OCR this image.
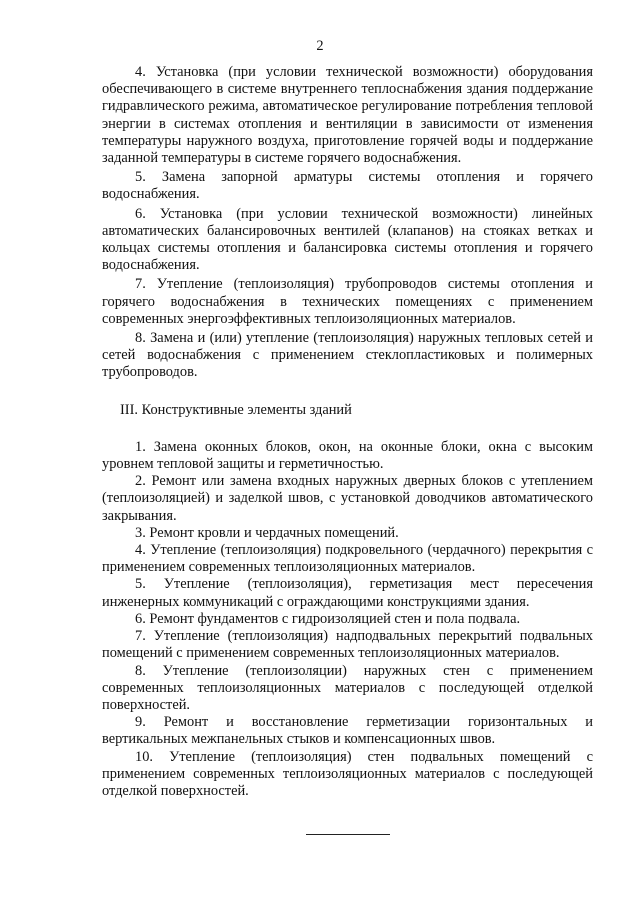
2

4. Установка (при условии технической возможности) оборудования обеспечивающего в системе внутреннего теплоснабжения здания поддержание гидравлического режима, автоматическое регулирование потребления тепловой энергии в системах отопления и вентиляции в зависимости от изменения температуры наружного воздуха, приготовление горячей воды и поддержание заданной температуры в системе горячего водоснабжения.

5. Замена запорной арматуры системы отопления и горячего водоснабжения.

6. Установка (при условии технической возможности) линейных автоматических балансировочных вентилей (клапанов) на стояках ветках и кольцах системы отопления и балансировка системы отопления и горячего водоснабжения.

7. Утепление (теплоизоляция) трубопроводов системы отопления и горячего водоснабжения в технических помещениях с применением современных энергоэффективных теплоизоляционных материалов.

8. Замена и (или) утепление (теплоизоляция) наружных тепловых сетей и сетей водоснабжения с применением стеклопластиковых и полимерных трубопроводов.

III. Конструктивные элементы зданий

1. Замена оконных блоков, окон, на оконные блоки, окна с высоким уровнем тепловой защиты и герметичностью.

2. Ремонт или замена входных наружных дверных блоков с утеплением (теплоизоляцией) и заделкой швов, с установкой доводчиков автоматического закрывания.

3. Ремонт кровли и чердачных помещений.

4. Утепление (теплоизоляция) подкровельного (чердачного) перекрытия с применением современных теплоизоляционных материалов.

5. Утепление (теплоизоляция), герметизация мест пересечения инженерных коммуникаций с ограждающими конструкциями здания.

6. Ремонт фундаментов с гидроизоляцией стен и пола подвала.

7. Утепление (теплоизоляция) надподвальных перекрытий подвальных помещений с применением современных теплоизоляционных материалов.

8. Утепление (теплоизоляции) наружных стен с применением современных теплоизоляционных материалов с последующей отделкой поверхностей.

9. Ремонт и восстановление герметизации горизонтальных и вертикальных межпанельных стыков и компенсационных швов.

10. Утепление (теплоизоляция) стен подвальных помещений с применением современных теплоизоляционных материалов с последующей отделкой поверхностей.
